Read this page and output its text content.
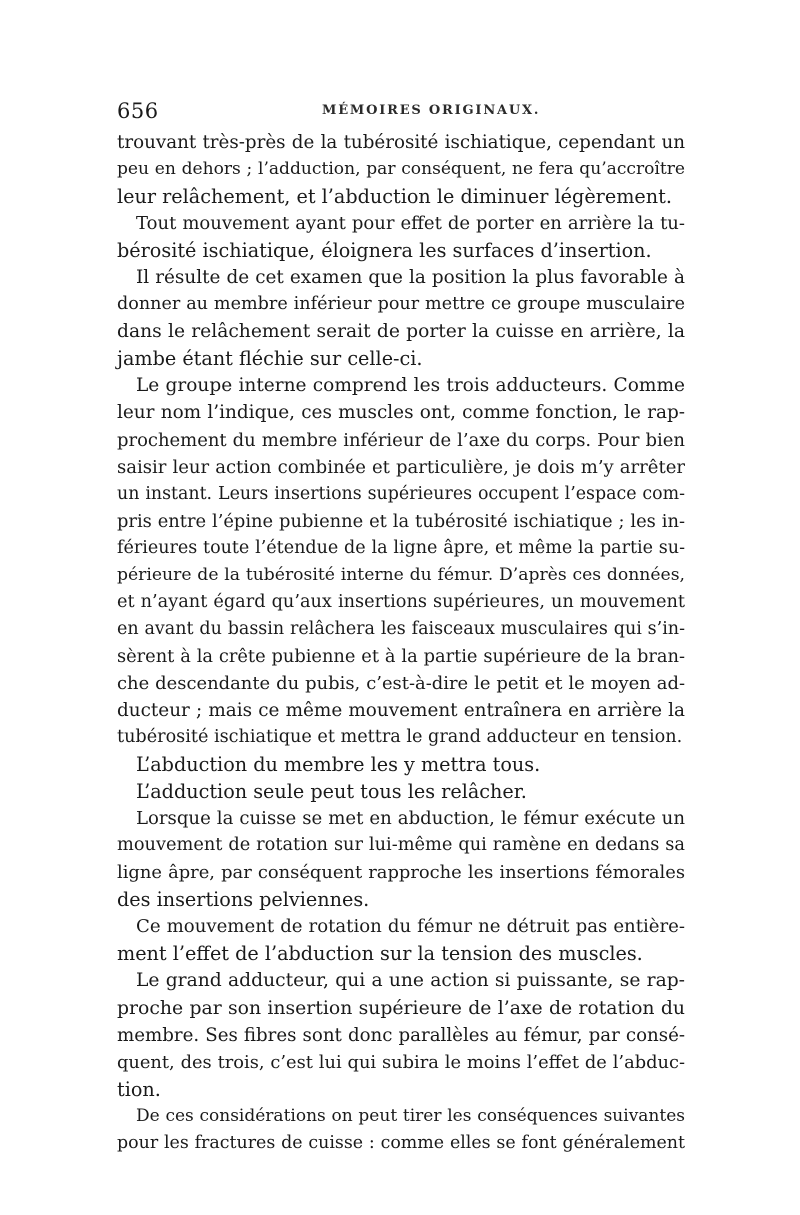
656	MÉMOIRES ORIGINAUX.
trouvant très-près de la tubérosité ischiatique, cependant un
peu en dehors ; l’adduction, par conséquent, ne fera qu’accroître
leur relâchement, et l’abduction le diminuer légèrement.
Tout mouvement ayant pour effet de porter en arrière la tu-
bérosité ischiatique, éloignera les surfaces d’insertion.
Il résulte de cet examen que la position la plus favorable à
donner au membre inférieur pour mettre ce groupe musculaire
dans le relâchement serait de porter la cuisse en arrière, la
jambe étant fléchie sur celle-ci.
Le groupe interne comprend les trois adducteurs. Comme
leur nom l’indique, ces muscles ont, comme fonction, le rap-
prochement du membre inférieur de l’axe du corps. Pour bien
saisir leur action combinée et particulière, je dois m’y arrêter
un instant. Leurs insertions supérieures occupent l’espace com-
pris entre l’épine pubienne et la tubérosité ischiatique ; les in-
férieures toute l’étendue de la ligne âpre, et même la partie su-
périeure de la tubérosité interne du fémur. D’après ces données,
et n’ayant égard qu’aux insertions supérieures, un mouvement
en avant du bassin relâchera les faisceaux musculaires qui s’in-
sèrent à la crête pubienne et à la partie supérieure de la bran-
che descendante du pubis, c’est-à-dire le petit et le moyen ad-
ducteur ; mais ce même mouvement entraînera en arrière la
tubérosité ischiatique et mettra le grand adducteur en tension.
L’abduction du membre les y mettra tous.
L’adduction seule peut tous les relâcher.
Lorsque la cuisse se met en abduction, le fémur exécute un
mouvement de rotation sur lui-même qui ramène en dedans sa
ligne âpre, par conséquent rapproche les insertions fémorales
des insertions pelviennes.
Ce mouvement de rotation du fémur ne détruit pas entière-
ment l’effet de l’abduction sur la tension des muscles.
Le grand adducteur, qui a une action si puissante, se rap-
proche par son insertion supérieure de l’axe de rotation du
membre. Ses fibres sont donc parallèles au fémur, par consé-
quent, des trois, c’est lui qui subira le moins l’effet de l’abduc-
tion.
De ces considérations on peut tirer les conséquences suivantes
pour les fractures de cuisse : comme elles se font généralement
